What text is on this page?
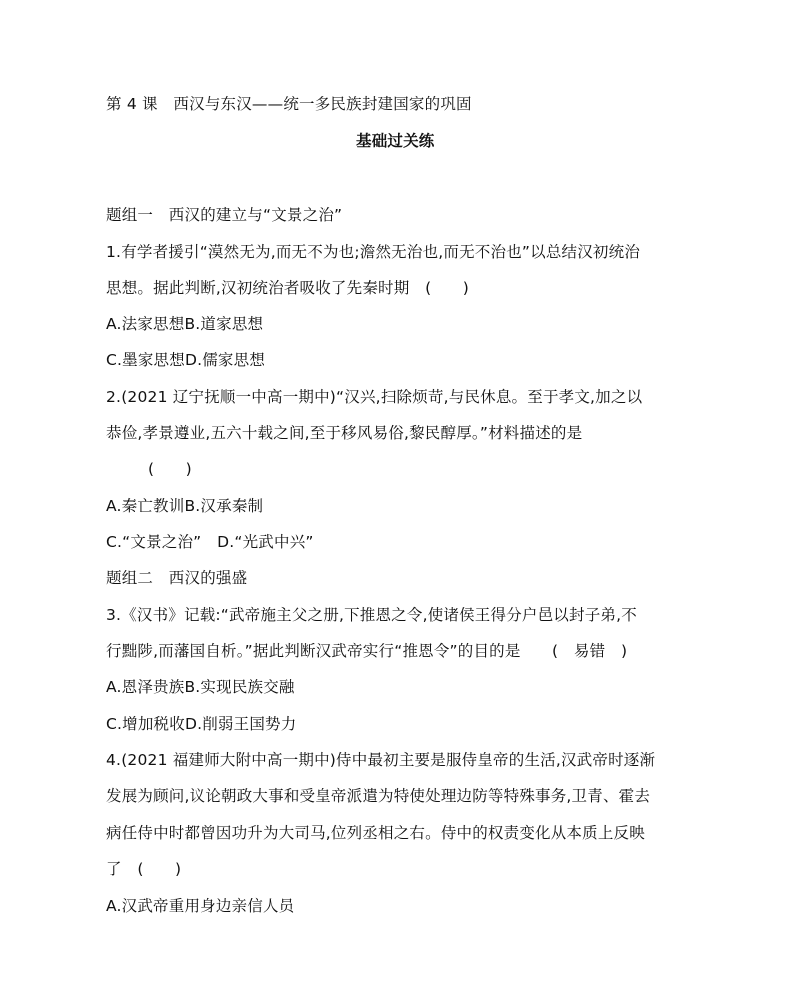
第 4 课　西汉与东汉——统一多民族封建国家的巩固
基础过关练
题组一　西汉的建立与“文景之治”
1.有学者援引“漠然无为,而无不为也;澹然无治也,而无不治也”以总结汉初统治
思想。据此判断,汉初统治者吸收了先秦时期　(　　)
A.法家思想B.道家思想
C.墨家思想D.儒家思想
2.(2021 辽宁抚顺一中高一期中)“汉兴,扫除烦苛,与民休息。至于孝文,加之以
恭俭,孝景遵业,五六十载之间,至于移风易俗,黎民醇厚。”材料描述的是
(　　)
A.秦亡教训B.汉承秦制
C.“文景之治”　D.“光武中兴”
题组二　西汉的强盛
3.《汉书》记载:“武帝施主父之册,下推恩之令,使诸侯王得分户邑以封子弟,不
行黜陟,而藩国自析。”据此判断汉武帝实行“推恩令”的目的是　　(　易错　)
A.恩泽贵族B.实现民族交融
C.增加税收D.削弱王国势力
4.(2021 福建师大附中高一期中)侍中最初主要是服侍皇帝的生活,汉武帝时逐渐
发展为顾问,议论朝政大事和受皇帝派遣为特使处理边防等特殊事务,卫青、霍去
病任侍中时都曾因功升为大司马,位列丞相之右。侍中的权责变化从本质上反映
了　(　　)
A.汉武帝重用身边亲信人员
